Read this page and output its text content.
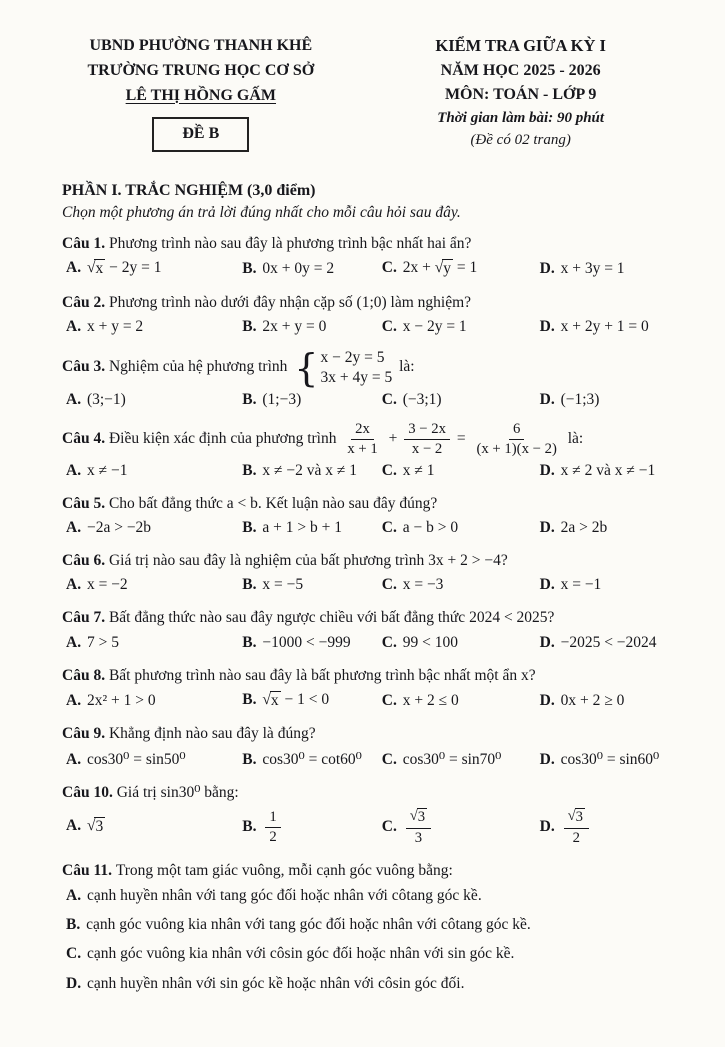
UBND PHƯỜNG THANH KHÊ
TRƯỜNG TRUNG HỌC CƠ SỞ
LÊ THỊ HỒNG GẤM
ĐỀ B
KIỂM TRA GIỮA KỲ I
NĂM HỌC 2025 - 2026
MÔN: TOÁN - LỚP 9
Thời gian làm bài: 90 phút
(Đề có 02 trang)
PHẦN I. TRẮC NGHIỆM (3,0 điểm)

Chọn một phương án trả lời đúng nhất cho mỗi câu hỏi sau đây.

Câu 1. Phương trình nào sau đây là phương trình bậc nhất hai ẩn?

A. √ x − 2y = 1	B. 0x + 0y = 2	C. 2x + √ y = 1	D. x + 3y = 1

Câu 2. Phương trình nào dưới đây nhận cặp số (1;0) làm nghiệm?

A. x + y = 2	B. 2x + y = 0	C. x − 2y = 1	D. x + 2y + 1 = 0

Câu 3. Nghiệm của hệ phương trình { x − 2y = 5
3x + 4y = 5
là:

A. (3;−1)	B. (1;−3)	C. (−3;1)	D. (−1;3)

Câu 4. Điều kiện xác định của phương trình $\frac{2x}{x + 1} + \frac{3 - 2x}{x - 2} = \frac{6}{(x + 1)(x - 2)}$ là:

A. x ≠ −1	B. x ≠ −2 và x ≠ 1	C. x ≠ 1	D. x ≠ 2 và x ≠ −1

Câu 5. Cho bất đẳng thức a < b. Kết luận nào sau đây đúng?

A. −2a > −2b	B. a + 1 > b + 1	C. a − b > 0	D. 2a > 2b

Câu 6. Giá trị nào sau đây là nghiệm của bất phương trình 3x + 2 > −4?

A. x = −2	B. x = −5	C. x = −3	D. x = −1

Câu 7. Bất đẳng thức nào sau đây ngược chiều với bất đẳng thức 2024 < 2025?

A. 7 > 5	B. −1000 < −999	C. 99 < 100	D. −2025 < −2024

Câu 8. Bất phương trình nào sau đây là bất phương trình bậc nhất một ẩn x?

A. 2x² + 1 > 0	B. √ x − 1 < 0	C. x + 2 ≤ 0	D. 0x + 2 ≥ 0

Câu 9. Khẳng định nào sau đây là đúng?

A. cos30⁰ = sin50⁰	B. cos30⁰ = cot60⁰	C. cos30⁰ = sin70⁰	D. cos30⁰ = sin60⁰

Câu 10. Giá trị sin30⁰ bằng:

A. √ 3	B. $\frac{1}{2}$	C. $\frac{√ 3}{3}$	D. $\frac{√ 3}{2}$

Câu 11. Trong một tam giác vuông, mỗi cạnh góc vuông bằng:

A. cạnh huyền nhân với tang góc đối hoặc nhân với côtang góc kề.
B. cạnh góc vuông kia nhân với tang góc đối hoặc nhân với côtang góc kề.
C. cạnh góc vuông kia nhân với côsin góc đối hoặc nhân với sin góc kề.
D. cạnh huyền nhân với sin góc kề hoặc nhân với côsin góc đối.
